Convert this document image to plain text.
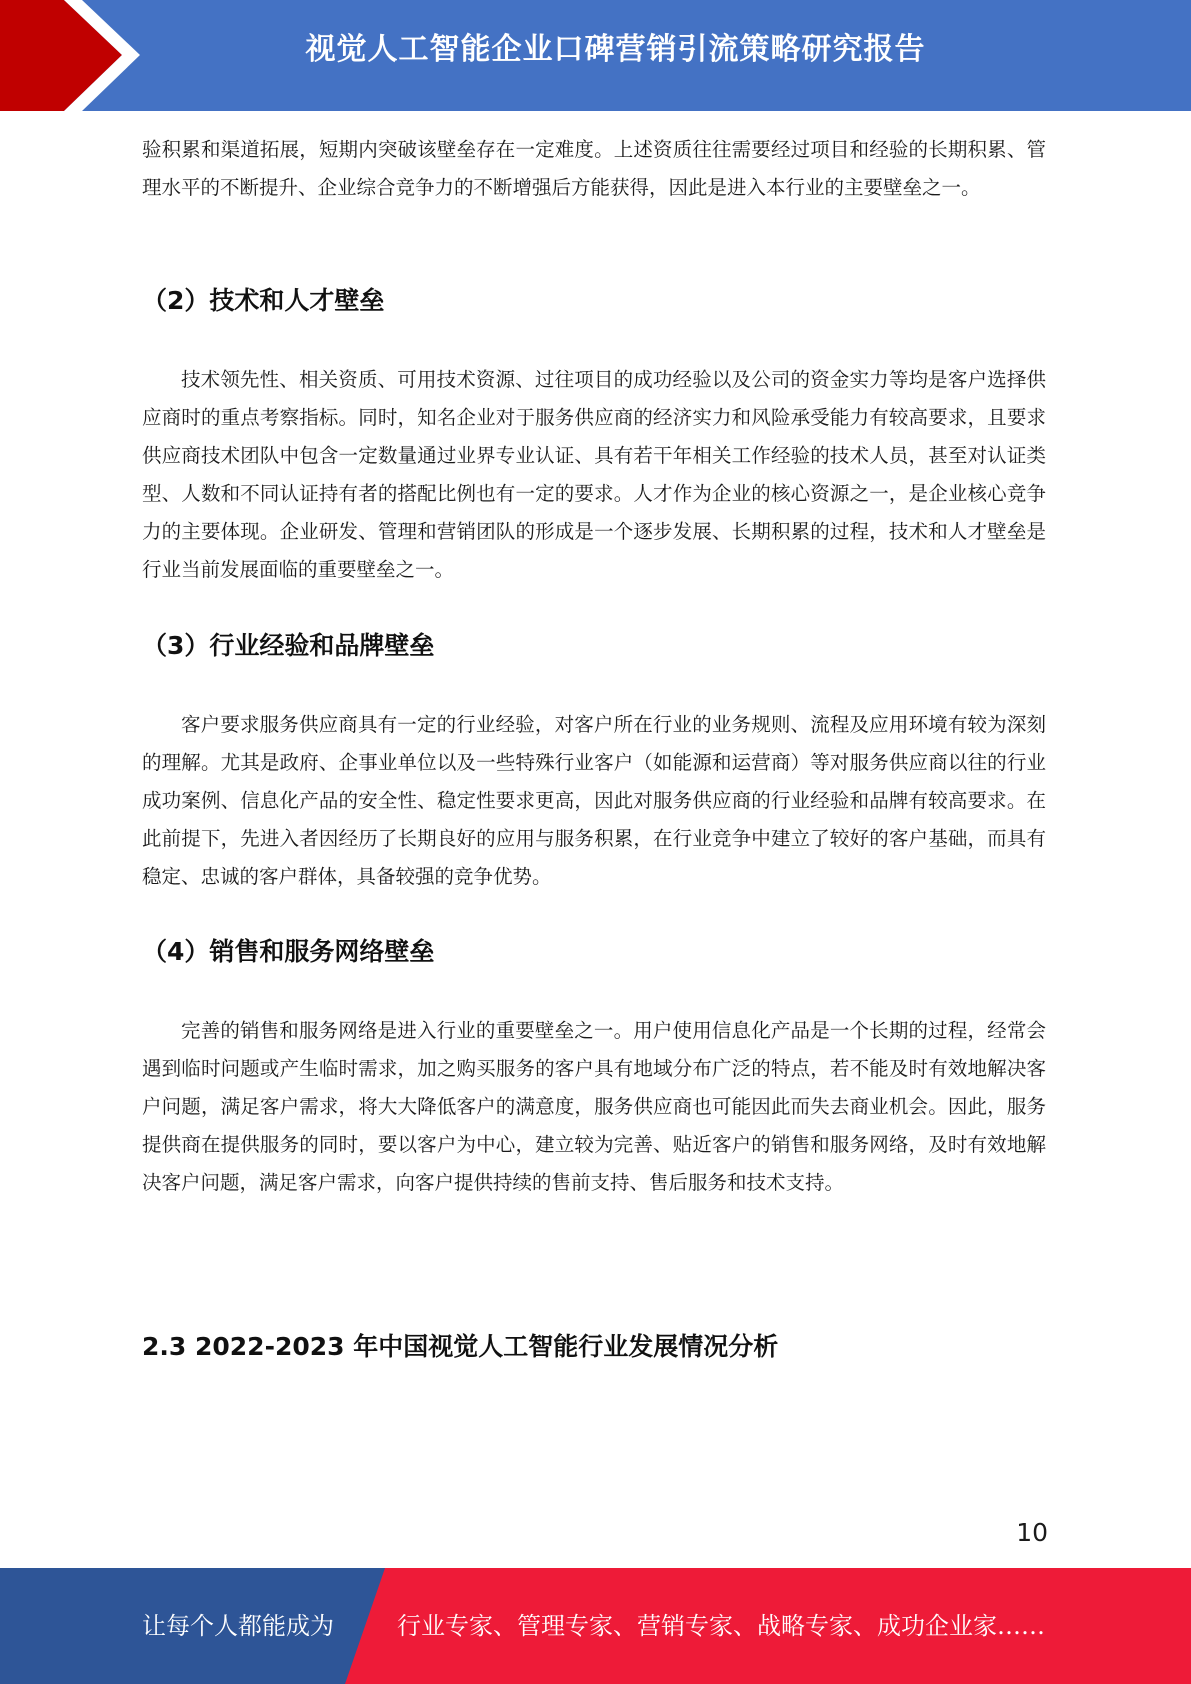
视觉人工智能企业口碑营销引流策略研究报告

验积累和渠道拓展，短期内突破该壁垒存在一定难度。上述资质往往需要经过项目和经验的长期积累、管理水平的不断提升、企业综合竞争力的不断增强后方能获得，因此是进入本行业的主要壁垒之一。

（2）技术和人才壁垒

技术领先性、相关资质、可用技术资源、过往项目的成功经验以及公司的资金实力等均是客户选择供应商时的重点考察指标。同时，知名企业对于服务供应商的经济实力和风险承受能力有较高要求，且要求供应商技术团队中包含一定数量通过业界专业认证、具有若干年相关工作经验的技术人员，甚至对认证类型、人数和不同认证持有者的搭配比例也有一定的要求。人才作为企业的核心资源之一，是企业核心竞争力的主要体现。企业研发、管理和营销团队的形成是一个逐步发展、长期积累的过程，技术和人才壁垒是行业当前发展面临的重要壁垒之一。

（3）行业经验和品牌壁垒

客户要求服务供应商具有一定的行业经验，对客户所在行业的业务规则、流程及应用环境有较为深刻的理解。尤其是政府、企事业单位以及一些特殊行业客户（如能源和运营商）等对服务供应商以往的行业成功案例、信息化产品的安全性、稳定性要求更高，因此对服务供应商的行业经验和品牌有较高要求。在此前提下，先进入者因经历了长期良好的应用与服务积累，在行业竞争中建立了较好的客户基础，而具有稳定、忠诚的客户群体，具备较强的竞争优势。

（4）销售和服务网络壁垒

完善的销售和服务网络是进入行业的重要壁垒之一。用户使用信息化产品是一个长期的过程，经常会遇到临时问题或产生临时需求，加之购买服务的客户具有地域分布广泛的特点，若不能及时有效地解决客户问题，满足客户需求，将大大降低客户的满意度，服务供应商也可能因此而失去商业机会。因此，服务提供商在提供服务的同时，要以客户为中心，建立较为完善、贴近客户的销售和服务网络，及时有效地解决客户问题，满足客户需求，向客户提供持续的售前支持、售后服务和技术支持。

2.3 2022-2023 年中国视觉人工智能行业发展情况分析
10
让每个人都能成为	行业专家、管理专家、营销专家、战略专家、成功企业家……
